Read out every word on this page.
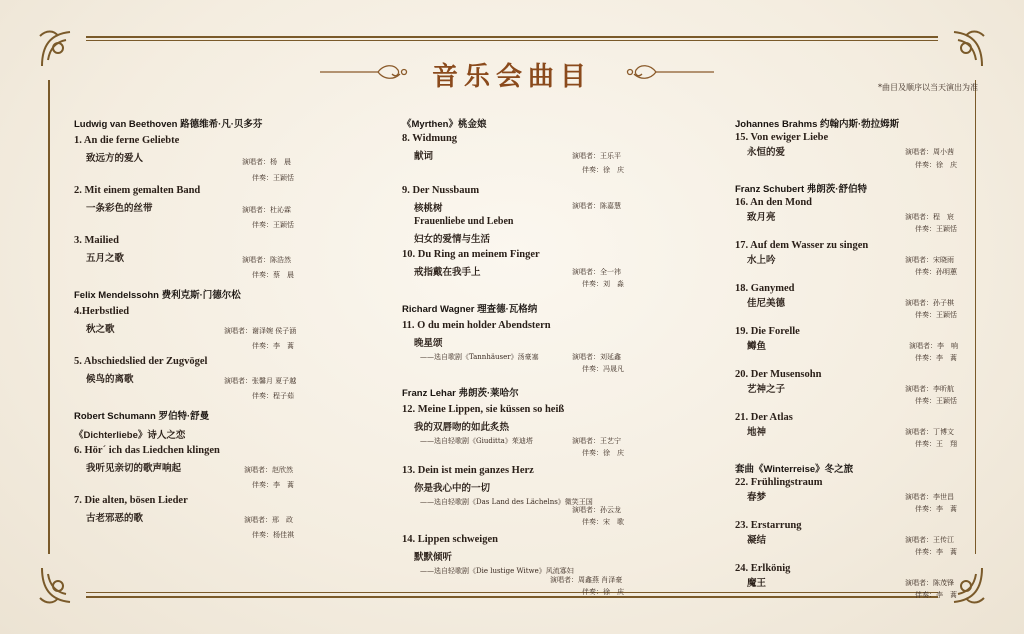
音乐会曲目	*曲目及顺序以当天演出为准
Ludwig van Beethoven 路德维希·凡·贝多芬
1. An die ferne Geliebte
致远方的爱人	演唱者：杨　晨
伴奏：王颖恬
2. Mit einem gemalten Band
一条彩色的丝带	演唱者：杜沁霖
伴奏：王颖恬
3. Mailied
五月之歌	演唱者：陈浩然
伴奏：蔡　晨
Felix Mendelssohn 费利克斯·门德尔松
4.Herbstlied
秋之歌	演唱者：谢泽婉 侯子涵
伴奏：李　蒿
5. Abschiedslied der Zugvögel
候鸟的离歌	演唱者：张馨月 夏子越
伴奏：程子茹
Robert Schumann 罗伯特·舒曼
《Dichterliebe》诗人之恋
6. Hör´ ich das Liedchen klingen
我听见亲切的歌声响起	演唱者：赵欣然
伴奏：李　蒿
7. Die alten, bösen Lieder
古老邪恶的歌	演唱者：邢　政
伴奏：杨佳祺
《Myrthen》桃金娘
8. Widmung
献词	演唱者：王乐平
伴奏：徐　庆
9. Der Nussbaum
核桃树	演唱者：陈嘉慧
Frauenliebe und Leben
妇女的爱情与生活
10. Du Ring an meinem Finger
戒指戴在我手上	演唱者：全一祎
伴奏：刘　淼
Richard Wagner 理查德·瓦格纳
11. O du mein holder Abendstern
晚星颂
——选自歌剧《Tannhäuser》汤豪塞	演唱者：刘延鑫
伴奏：冯晟凡
Franz Lehar 弗朗茨·莱哈尔
12. Meine Lippen, sie küssen so heiß
我的双唇吻的如此炙热
——选自轻歌剧《Giuditta》茱迪塔	演唱者：王艺宁
伴奏：徐　庆
13. Dein ist mein ganzes Herz
你是我心中的一切
——选自轻歌剧《Das Land des Lächelns》微笑王国
演唱者：孙云龙
伴奏：宋　歌
14. Lippen schweigen
默默倾听
——选自轻歌剧《Die lustige Witwe》风流寡妇
演唱者：周鑫燕 肖泽豪
伴奏：徐　庆
Johannes Brahms 约翰内斯·勃拉姆斯
15. Von ewiger Liebe
永恒的爱	演唱者：周小茜
伴奏：徐　庆
Franz Schubert 弗朗茨·舒伯特
16. An den Mond
致月亮	演唱者：程　宸
伴奏：王颖恬
17. Auf dem Wasser zu singen
水上吟	演唱者：宋晓雨
伴奏：孙明蕙
18. Ganymed
佳尼美德	演唱者：孙子棋
伴奏：王颖恬
19. Die Forelle
鳟鱼	演唱者：李　响
伴奏：李　蒿
20. Der Musensohn
艺神之子	演唱者：李昕航
伴奏：王颖恬
21. Der Atlas
地神	演唱者：丁博文
伴奏：王　翔
套曲《Winterreise》冬之旅
22. Frühlingstraum
春梦	演唱者：李世昌
伴奏：李　蒿
23. Erstarrung
凝结	演唱者：王传江
伴奏：李　蒿
24. Erlkönig
魔王	演唱者：陈茂锋
伴奏：李　蒿
